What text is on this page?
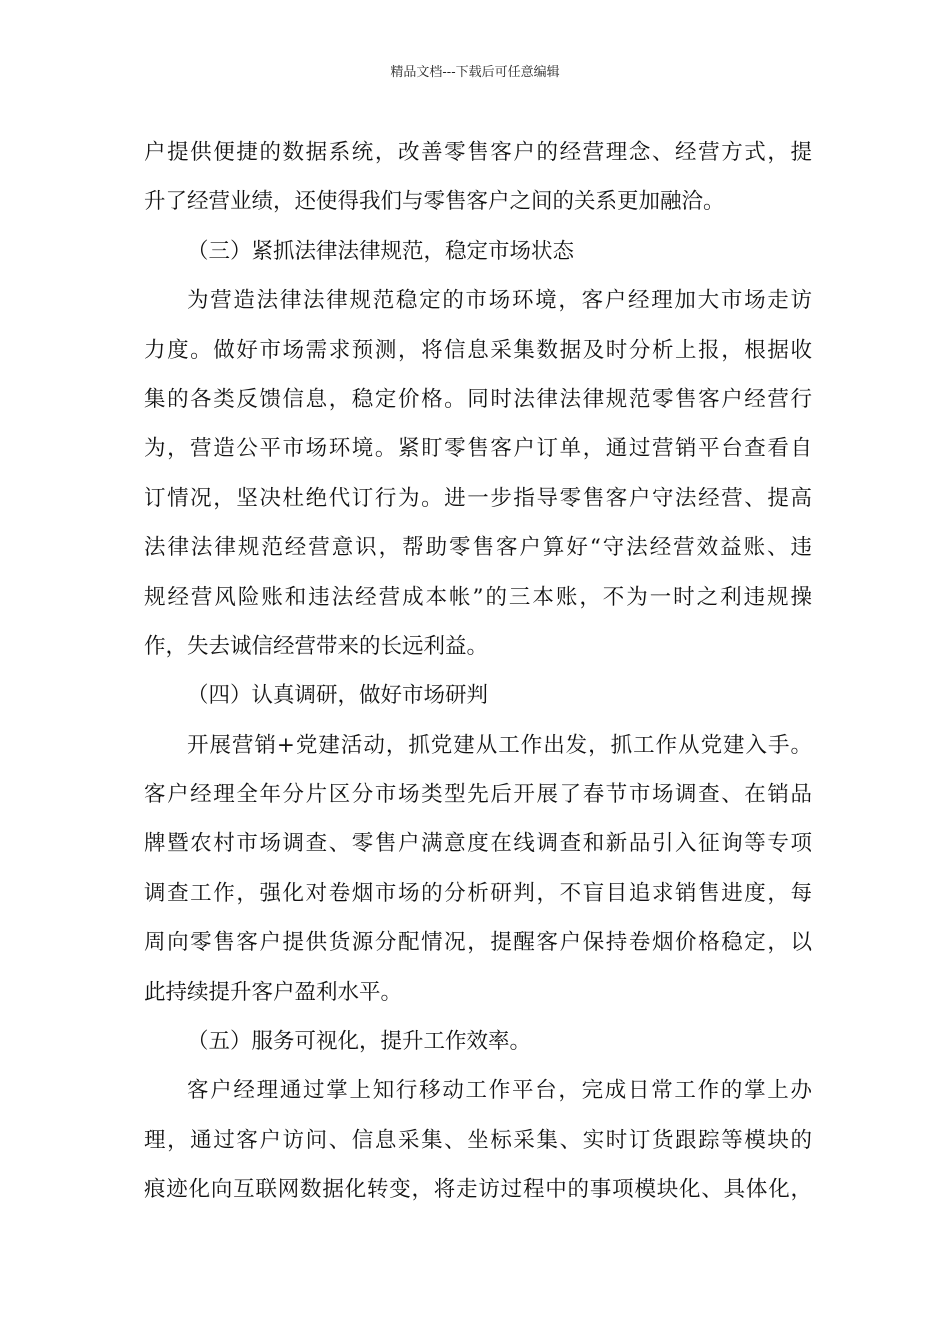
精品文档---下载后可任意编辑
户提供便捷的数据系统，改善零售客户的经营理念、经营方式，提
升了经营业绩，还使得我们与零售客户之间的关系更加融洽。
（三）紧抓法律法律规范，稳定市场状态
为营造法律法律规范稳定的市场环境，客户经理加大市场走访
力度。做好市场需求预测，将信息采集数据及时分析上报，根据收
集的各类反馈信息，稳定价格。同时法律法律规范零售客户经营行
为，营造公平市场环境。紧盯零售客户订单，通过营销平台查看自
订情况，坚决杜绝代订行为。进一步指导零售客户守法经营、提高
法律法律规范经营意识，帮助零售客户算好“守法经营效益账、违
规经营风险账和违法经营成本帐”的三本账，不为一时之利违规操
作，失去诚信经营带来的长远利益。
（四）认真调研，做好市场研判
开展营销+党建活动，抓党建从工作出发，抓工作从党建入手。
客户经理全年分片区分市场类型先后开展了春节市场调查、在销品
牌暨农村市场调查、零售户满意度在线调查和新品引入征询等专项
调查工作，强化对卷烟市场的分析研判，不盲目追求销售进度，每
周向零售客户提供货源分配情况，提醒客户保持卷烟价格稳定，以
此持续提升客户盈利水平。
（五）服务可视化，提升工作效率。
客户经理通过掌上知行移动工作平台，完成日常工作的掌上办
理，通过客户访问、信息采集、坐标采集、实时订货跟踪等模块的
痕迹化向互联网数据化转变，将走访过程中的事项模块化、具体化，
